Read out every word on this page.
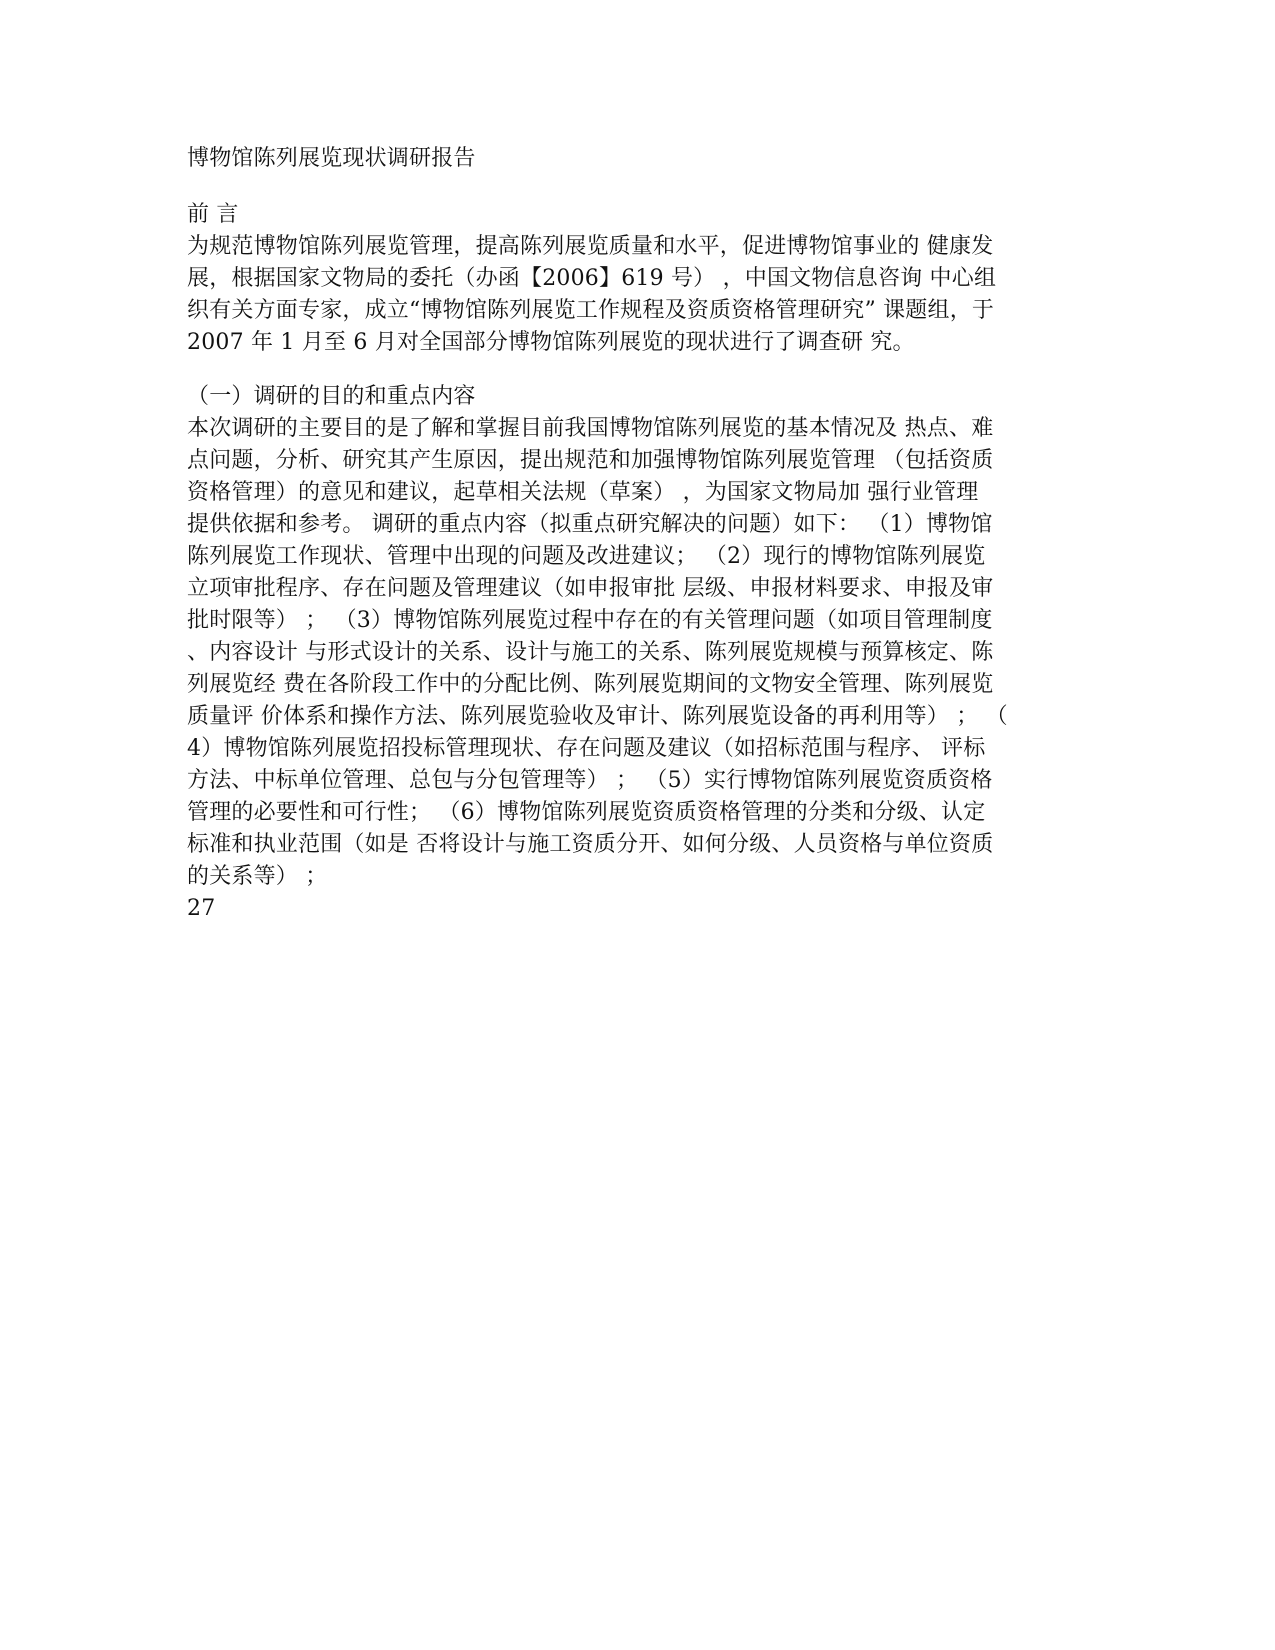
博物馆陈列展览现状调研报告

前 言

为规范博物馆陈列展览管理，提高陈列展览质量和水平，促进博物馆事业的 健康发

展，根据国家文物局的委托（办函【2006】619 号） ，中国文物信息咨询 中心组

织有关方面专家，成立“博物馆陈列展览工作规程及资质资格管理研究” 课题组，于

2007 年 1 月至 6 月对全国部分博物馆陈列展览的现状进行了调查研 究。

（一）调研的目的和重点内容

本次调研的主要目的是了解和掌握目前我国博物馆陈列展览的基本情况及 热点、难

点问题，分析、研究其产生原因，提出规范和加强博物馆陈列展览管理 （包括资质

资格管理）的意见和建议，起草相关法规（草案） ，为国家文物局加 强行业管理

提供依据和参考。 调研的重点内容（拟重点研究解决的问题）如下： （1）博物馆

陈列展览工作现状、管理中出现的问题及改进建议； （2）现行的博物馆陈列展览

立项审批程序、存在问题及管理建议（如申报审批 层级、申报材料要求、申报及审

批时限等） ； （3）博物馆陈列展览过程中存在的有关管理问题（如项目管理制度

、内容设计 与形式设计的关系、设计与施工的关系、陈列展览规模与预算核定、陈

列展览经 费在各阶段工作中的分配比例、陈列展览期间的文物安全管理、陈列展览

质量评 价体系和操作方法、陈列展览验收及审计、陈列展览设备的再利用等） ； （

4）博物馆陈列展览招投标管理现状、存在问题及建议（如招标范围与程序、 评标

方法、中标单位管理、总包与分包管理等） ； （5）实行博物馆陈列展览资质资格

管理的必要性和可行性； （6）博物馆陈列展览资质资格管理的分类和分级、认定

标准和执业范围（如是 否将设计与施工资质分开、如何分级、人员资格与单位资质

的关系等） ；

27
